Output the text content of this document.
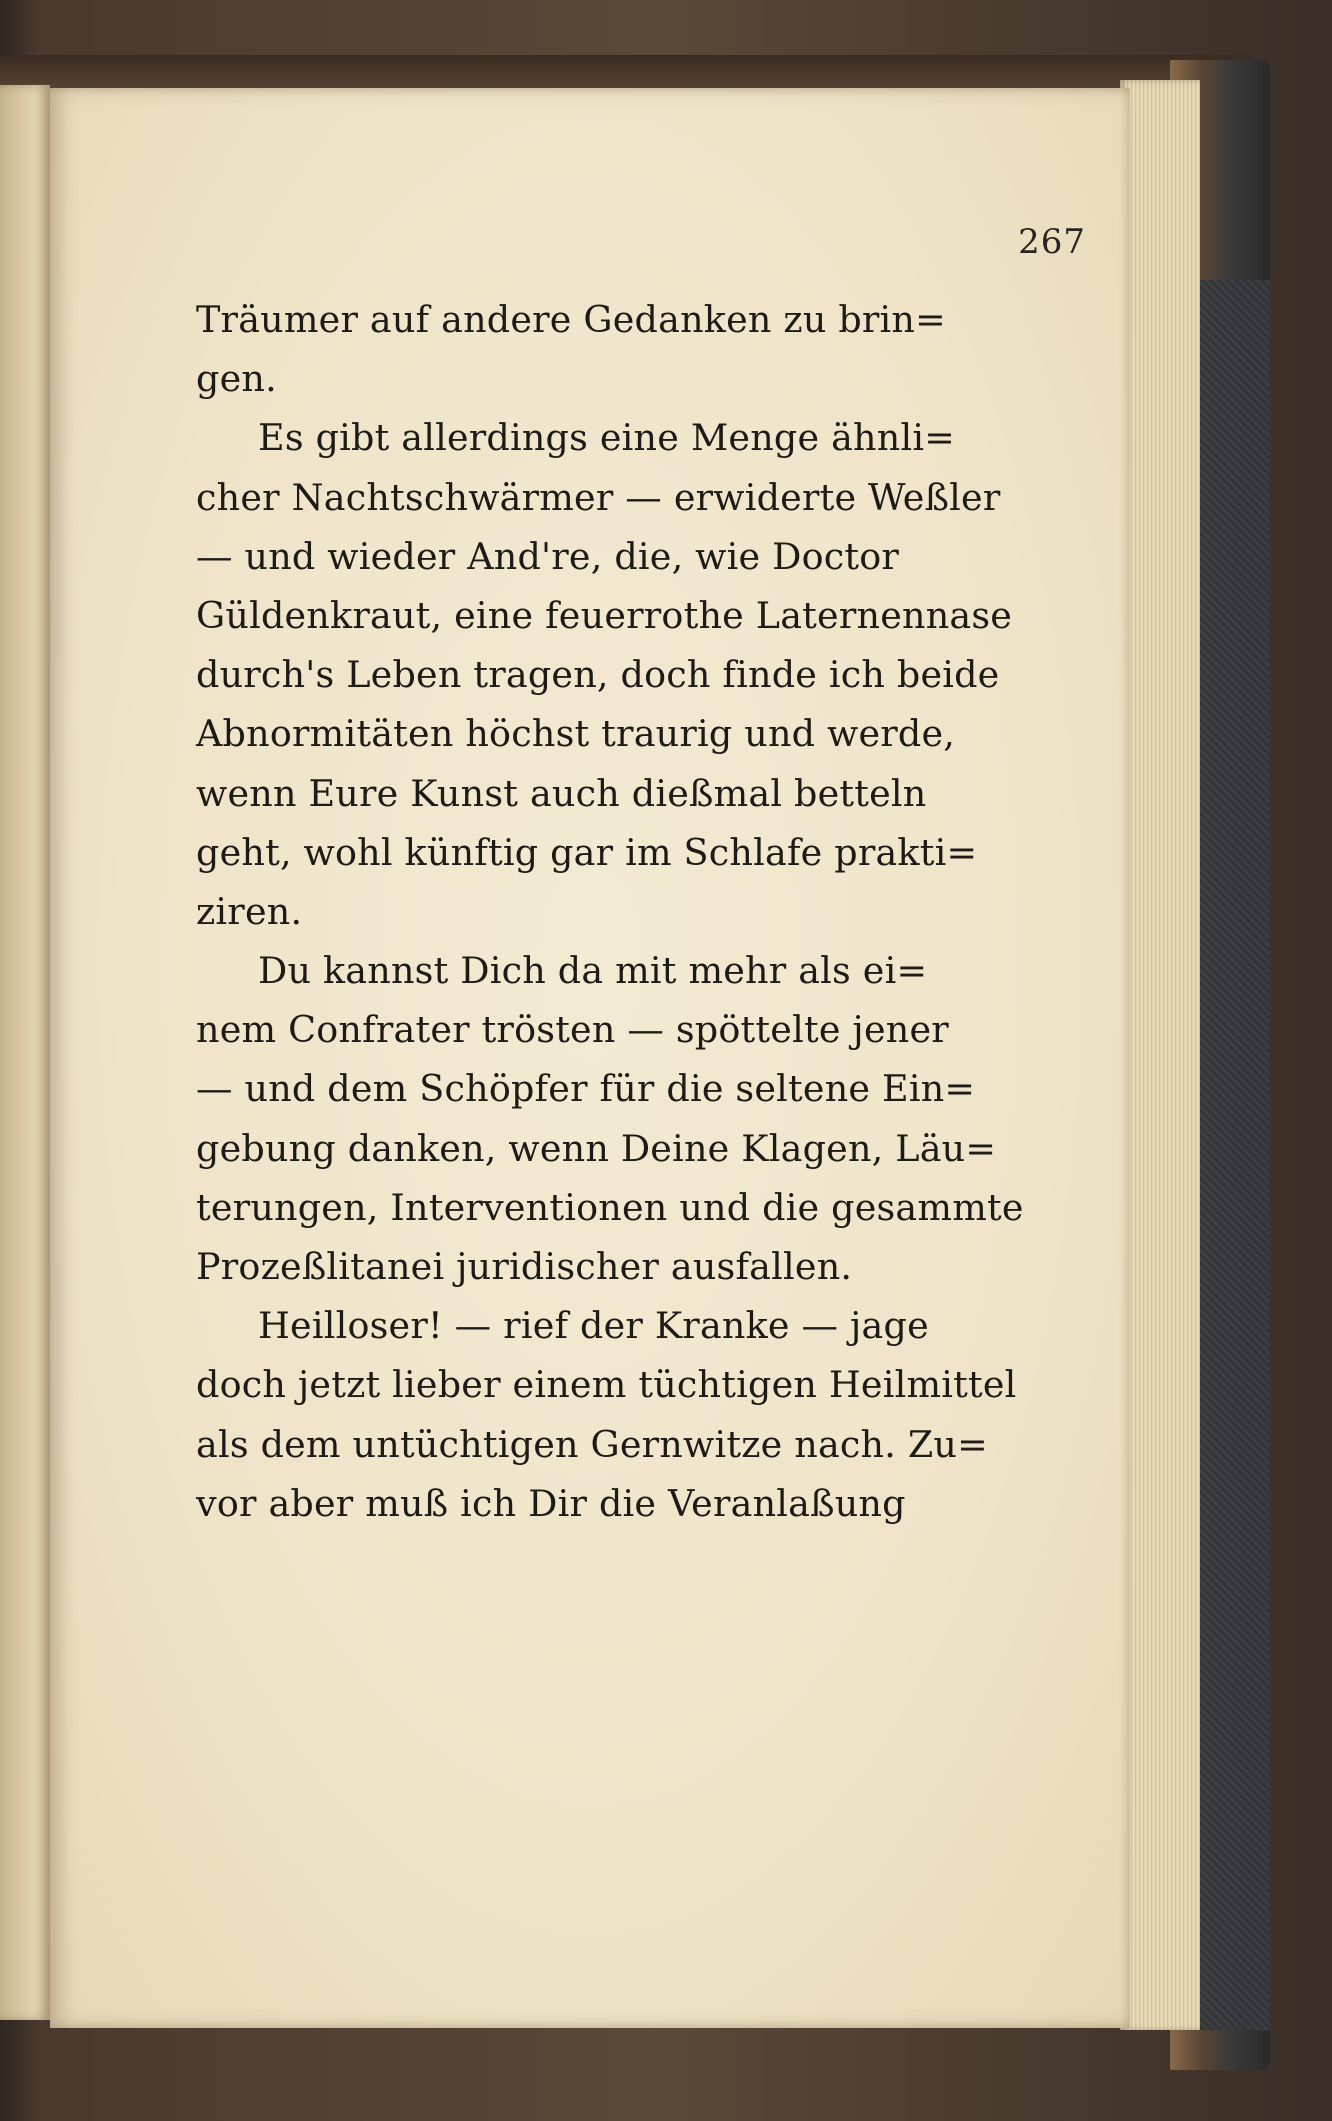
267
Träumer auf andere Gedanken zu brin=
gen.
Es gibt allerdings eine Menge ähnli=
cher Nachtschwärmer — erwiderte Weßler
— und wieder And're, die, wie Doctor
Güldenkraut, eine feuerrothe Laternennase
durch's Leben tragen, doch finde ich beide
Abnormitäten höchst traurig und werde,
wenn Eure Kunst auch dießmal betteln
geht, wohl künftig gar im Schlafe prakti=
ziren.
Du kannst Dich da mit mehr als ei=
nem Confrater trösten — spöttelte jener
— und dem Schöpfer für die seltene Ein=
gebung danken, wenn Deine Klagen, Läu=
terungen, Interventionen und die gesammte
Prozeßlitanei juridischer ausfallen.
Heilloser! — rief der Kranke — jage
doch jetzt lieber einem tüchtigen Heilmittel
als dem untüchtigen Gernwitze nach. Zu=
vor aber muß ich Dir die Veranlaßung
